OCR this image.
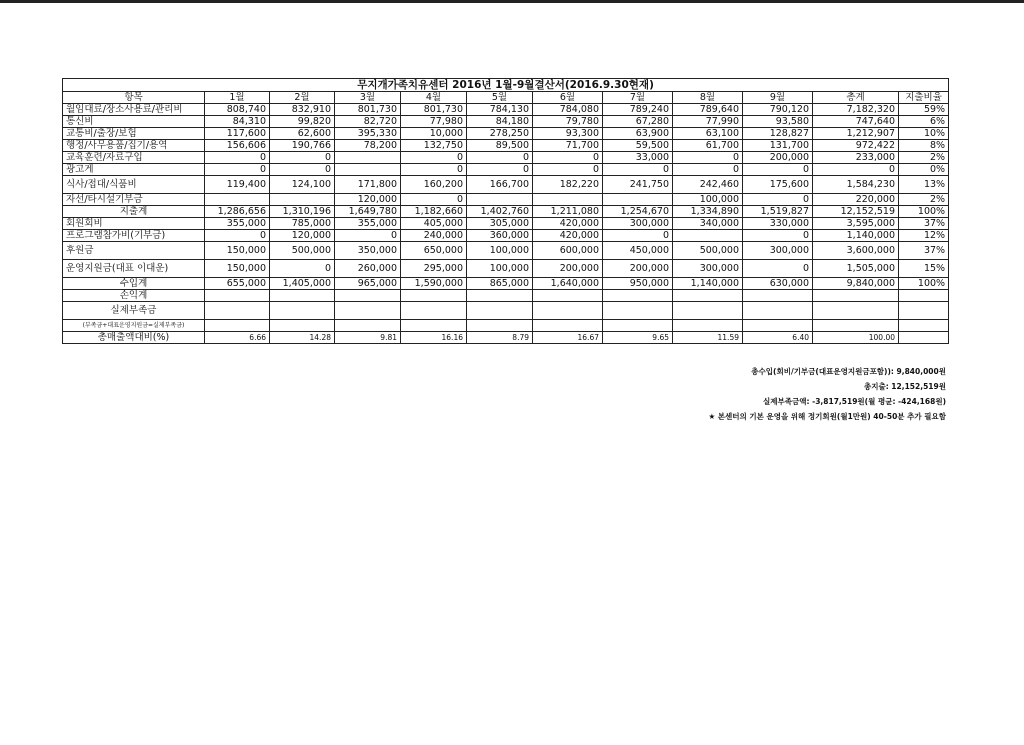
무지개가족치유센터 2016년 1월-9월결산서(2016.9.30현재)											
항목	1월	2월	3월	4월	5월	6월	7월	8월	9월	총계	지출비율
월임대료/장소사용료/관리비	808,740	832,910	801,730	801,730	784,130	784,080	789,240	789,640	790,120	7,182,320	59%
통신비	84,310	99,820	82,720	77,980	84,180	79,780	67,280	77,990	93,580	747,640	6%
교통비/출장/보험	117,600	62,600	395,330	10,000	278,250	93,300	63,900	63,100	128,827	1,212,907	10%
행정/사무용품/집기/용역	156,606	190,766	78,200	132,750	89,500	71,700	59,500	61,700	131,700	972,422	8%
교육훈련/자료구입	0	0		0	0	0	33,000	0	200,000	233,000	2%
광고게	0	0		0	0	0	0	0	0	0	0%
식사/접대/식품비	119,400	124,100	171,800	160,200	166,700	182,220	241,750	242,460	175,600	1,584,230	13%
자선/타시설기부금			120,000	0				100,000	0	220,000	2%
지출계	1,286,656	1,310,196	1,649,780	1,182,660	1,402,760	1,211,080	1,254,670	1,334,890	1,519,827	12,152,519	100%
회원회비	355,000	785,000	355,000	405,000	305,000	420,000	300,000	340,000	330,000	3,595,000	37%
프로그램참가비(기부금)	0	120,000	0	240,000	360,000	420,000	0		0	1,140,000	12%
후원금	150,000	500,000	350,000	650,000	100,000	600,000	450,000	500,000	300,000	3,600,000	37%
운영지원금(대표 이대운)	150,000	0	260,000	295,000	100,000	200,000	200,000	300,000	0	1,505,000	15%
수입계	655,000	1,405,000	965,000	1,590,000	865,000	1,640,000	950,000	1,140,000	630,000	9,840,000	100%
손익계											
실제부족금											
(부족금+대표운영지원금=실제부족금)											
총매출액대비(%)	6.66	14.28	9.81	16.16	8.79	16.67	9.65	11.59	6.40	100.00	
총수입(회비/기부금(대표운영지원금포함)): 9,840,000원
총지출: 12,152,519원
실제부족금액: -3,817,519원(월 평균: -424,168원)
★ 본센터의 기본 운영을 위해 정기회원(월1만원) 40-50분 추가 필요함
